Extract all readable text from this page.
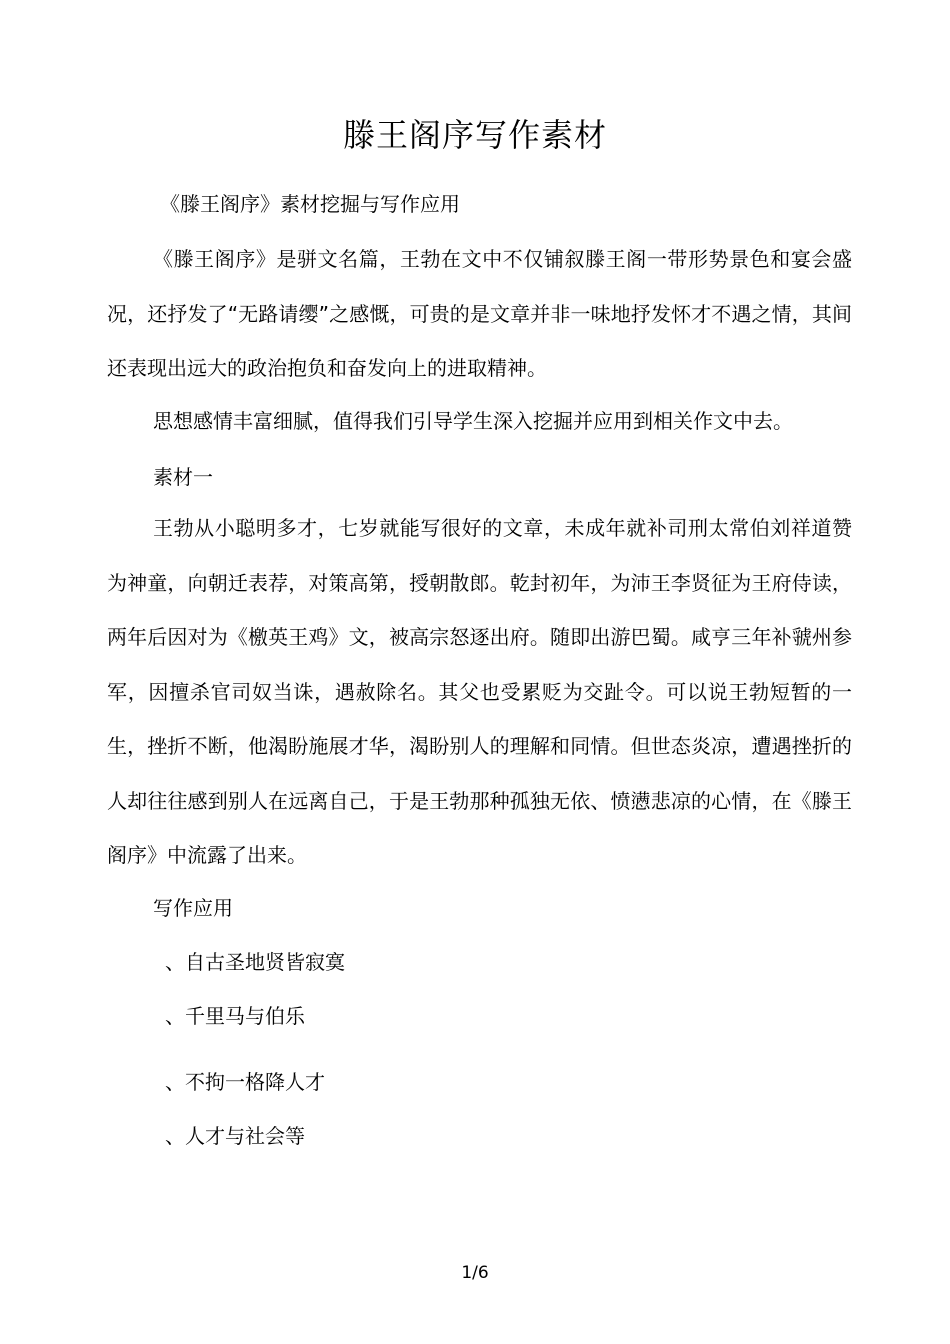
滕王阁序写作素材

《滕王阁序》素材挖掘与写作应用

《滕王阁序》是骈文名篇，王勃在文中不仅铺叙滕王阁一带形势景色和宴会盛况，还抒发了“无路请缨”之感慨，可贵的是文章并非一味地抒发怀才不遇之情，其间还表现出远大的政治抱负和奋发向上的进取精神。

思想感情丰富细腻，值得我们引导学生深入挖掘并应用到相关作文中去。

素材一

王勃从小聪明多才，七岁就能写很好的文章，未成年就补司刑太常伯刘祥道赞为神童，向朝迁表荐，对策高第，授朝散郎。乾封初年，为沛王李贤征为王府侍读，两年后因对为《檄英王鸡》文，被高宗怒逐出府。随即出游巴蜀。咸亨三年补虢州参军，因擅杀官司奴当诛，遇赦除名。其父也受累贬为交趾令。可以说王勃短暂的一生，挫折不断，他渴盼施展才华，渴盼别人的理解和同情。但世态炎凉，遭遇挫折的人却往往感到别人在远离自己，于是王勃那种孤独无依、愤懑悲凉的心情，在《滕王阁序》中流露了出来。

写作应用

、自古圣地贤皆寂寞

、千里马与伯乐

、不拘一格降人才

、人才与社会等

1/6
